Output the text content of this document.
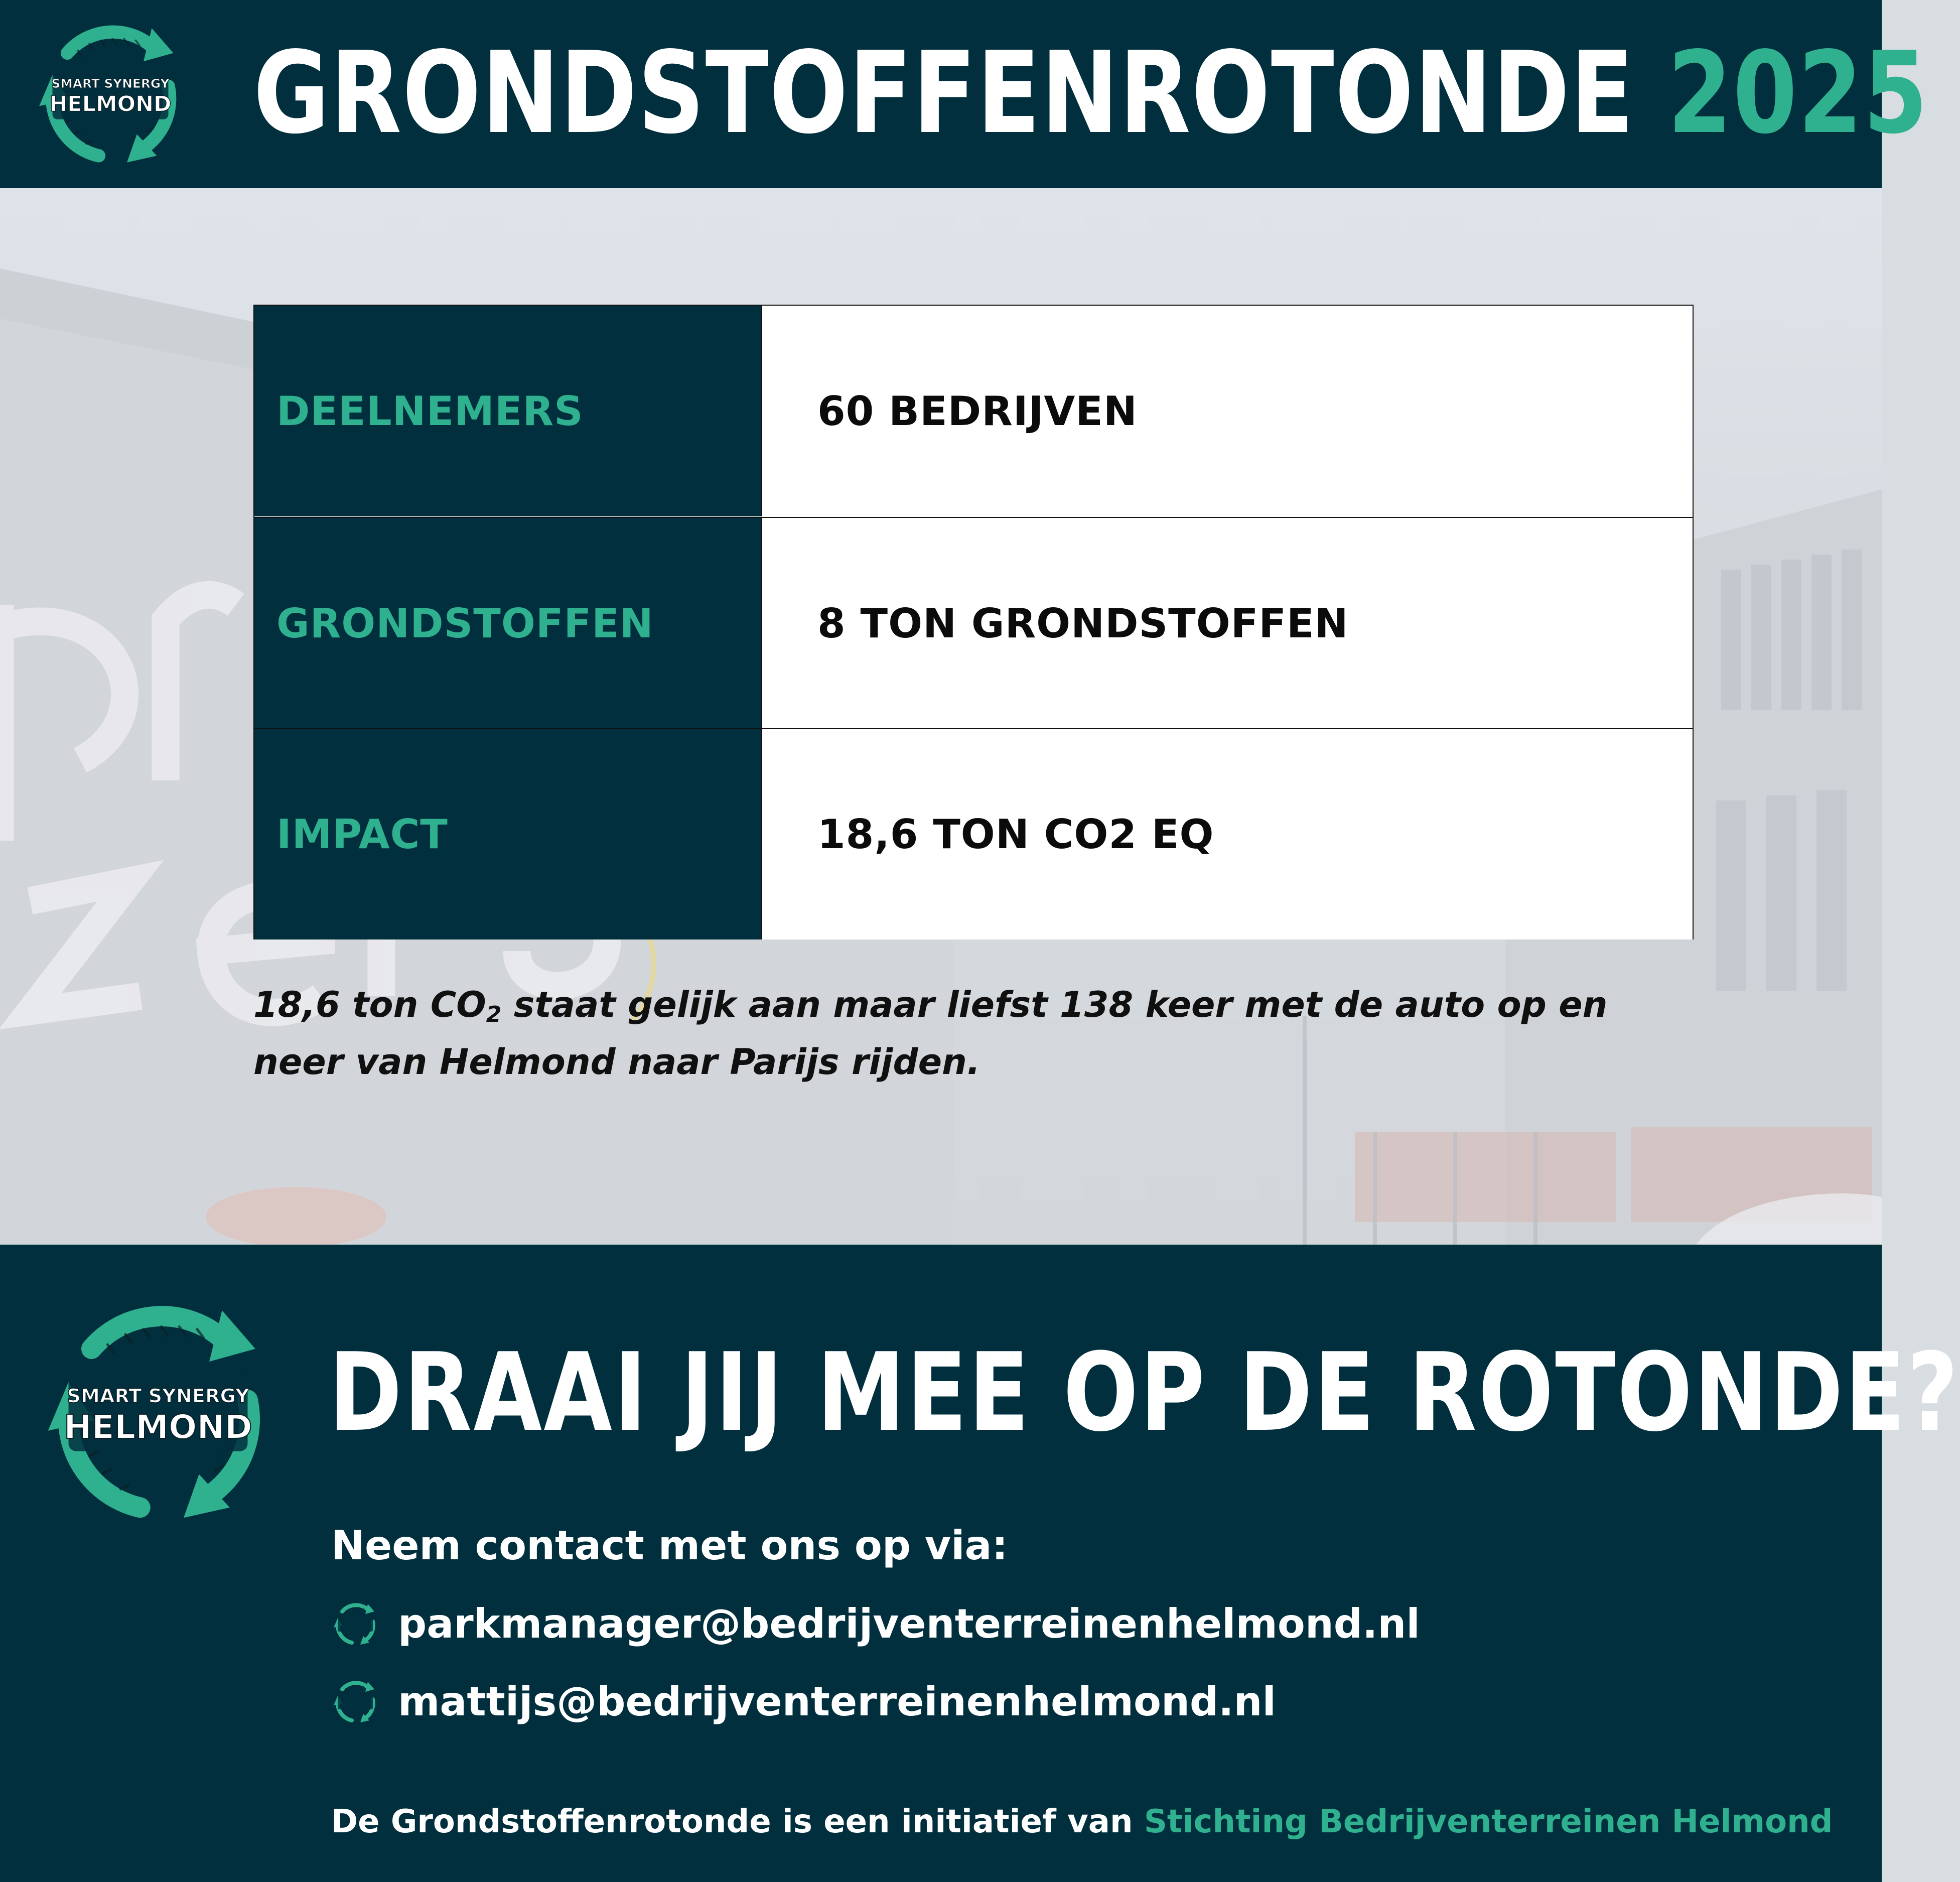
SMART SYNERGY
HELMOND GRONDSTOFFENROTONDE 2025

18,6 ton $CO_2$ staat gelijk aan maar liefst 138 keer met de auto op en neer van Helmond naar Parijs rijden.

DEELNEMERS	60 BEDRIJVEN
GRONDSTOFFEN	8 TON GRONDSTOFFEN
IMPACT	18,6 TON CO2 EQ
SMART SYNERGY
HELMOND DRAAI JIJ MEE OP DE ROTONDE?

Neem contact met ons op via:

parkmanager@bedrijventerreinenhelmond.nl
mattijs@bedrijventerreinenhelmond.nl

De Grondstoffenrotonde is een initiatief van Stichting Bedrijventerreinen Helmond
